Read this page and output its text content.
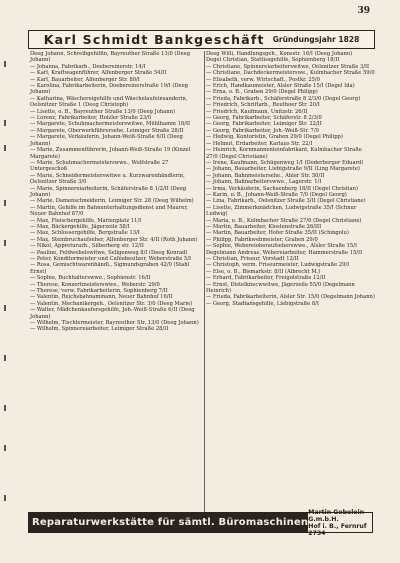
39
Karl Schmidt Bankgeschäft Gründungsjahr 1828

Deeg Johann, Schreibgehilfin, Bayreuther Straße 13/0 (Deeg Johann)

— Johanna, Fabrikarb., Doebereinerstr. 14/I

— Karl, Kraftwagenführer, Alfenberger Straße 54/II

— Karl, Bauarbeiter, Alfenberger Str. 80/I

— Karolina, Fabrikarbeiterin, Doebereinerstraße 19/I (Deeg Johann)

— Katharina, Wäschereigehilfe und Wäschelaufeinsanderin, Oelsnitzer Straße 1 (Deeg Christoph)

— Lisette, o. B., Bayreuther Straße 13/0 (Deeg Johann)

— Lorenz, Fabrikarbeiter, Holzler Straße 23/0

— Margarete, Schuhmachermeisterswitwe, Mühlhamm 18/II

— Margarete, Oberwerkführersehe, Leimiger Straße 28/II

— Margarete, Verkäuferin, Johann-Weiß-Straße 6/II (Deeg Johann)

— Marie, Zusammenführerin, Johann-Weiß-Straße 19 (Kinzel Margarete)

— Marie, Schuhmachermeisterswwe., Wolfstraße 27 Untergeschoß

— Marie, Schneidermeisterswitwe u. Kurzwarenhändlerin, Oelsnitzer Straße 3/0

— Marie, Spinnereiarbeiterin, Schäferstraße 8 1/2/II (Deeg Johann)

— Marie, Damenschneiderin, Leimiger Str. 28 (Deeg Wilhelm)

— Martin, Gehilfe im Bahnunterhaltungsdienst und Maurer, Neuer Bahnhof 87/0

— Max, Fleischergehilfe, Marienplatz 11/I

— Max, Bäckergehilfe, Jägerzeile 58/I

— Max, Schlossergehilfe, Bergstraße 13/I

— Max, Steinbruchaufseher, Alfenberger Str. 4/II (Roth Johann)

— Nikol, Appreturarb., Silberberg str. 12/II

— Pauline, Feldwebelswitwe, Seligenweg 8/I (Deeg Konrad)

— Peter, Konditormeister und Caféebesitzer, Weberstraße 5/I

— Rosa, Gemischtwarenhändl., Sigmundsgraben 42/0 (Stahl Ernst)

— Sophie, Buchhalterswwe., Sophienstr. 16/II

— Therese, Konzertmeisterswwe., Weberstr. 29/0

— Therese, verw. Fabrikarbeiterin, Sophienberg 7/II

— Valentin, Reichsbahnaminann, Neuer Bahnhof 16/II

— Valentin, Mechanikergeh., Oelsnitzer Str. 3/0 (Deeg Marie)

— Walter, Mädchenkaufersgehilfe, Joh.-Weiß-Straße 6/II (Deeg Johann)

— Wilhelm, Tischlermeister, Bayreuther Str. 13/0 (Deeg Johann)

— Wilhelm, Spinnereiarbeiter, Leimiger Straße 28/II

Deeg Willi, Handlungsgeh., Konsstr. 16/I (Deeg Johann)

Degel Christian, Stattissgehilfe, Sophienberg 18/II

— Christiane, Spinnereiarbeiterswitwe, Oelsnitzer Straße 3/II

— Christiane, Dachdeckermeisterswe., Kulmbacher Straße 59/0

— Elisabeth, verw. Wirtschaft., Postkr. 25/0

— Erich, Handkaumeister, Alsler Straße 15/I (Degel Ida)

— Erna, o. B., Graben 29/0 (Degel Philipp)

— Frieda, Fabrikarb., Schäferstraße 8 2/3/0 (Degel Georg)

— Friedrich, Schriftarb., Reuthoer Str. 20/I

— Friedrich, Kaufmann, Unitzstr. 26/II

— Georg, Fabrikarbeiter, Schäferstr. 8 2/3/0

— Georg, Fabrikarbeiter, Leimiger Str. 22/II

— Georg, Fabrikarbeiter, Joh.-Weiß-Str. 7/0

— Hedwig, Kontoristin, Graben 29/0 (Degel Philipp)

— Helmut, Erdarbeiter, Karlaus Str. 22/I

— Heinrich, Kornmannenteinfabrikant, Kulmbacher Straße 27/0 (Degel Christiane)

— Irene, Kaufmann, Schügenweg 1/I (Doderberger Eduard)

— Johann, Bauarbeiter, Liebigstraße 9/II (Ling Margarete)

— Johann, Bahnmeistersehe., Ahler Str. 50/II

— Johann, Bahnarbeiterswwe., Lagerstr. 1/I

— Irma, Verkäuferin, Sachsenberg 18/II (Degel Christian)

— Karin, o. B., Johann-Weiß-Straße 7/0 (Degel Georg)

— Lina, Fabrikarb., Oelsnitzer Straße 3/II (Degel Christiane)

— Lisette, Zimmerkmädchen, Ludwigstraße 35/I (Schnur Ludwig)

— Maria, o. B., Kulmbacher Straße 27/0 (Degel Christiane)

— Martin, Bauarbeiter, Klostenstraße 26/III

— Martin, Bauarbeiter, Hofer Straße 35/II (Schingolu)

— Philipp, Fabrikwebmeister, Graben 29/0

— Sophie, Webereioberaufseherswwe., Alsler Straße 15/I

Degelmann Andreas, Webereiarbeiter, Hammerstraße 15/II

— Christian, Friseur, Vorstadt 12/II

— Christoph, verm. Friseurmeister, Ludwigstraße 29/I

— Else, o. B., Bismarkstr. 8/II (Albrecht M.)

— Erhard, Fabrikarbeiter, Freigolstraße 12/II

— Ernst, Distelknecwwitwe, Jägerzeile 55/0 (Degelmann Heinrich)

— Frieda, Fabrikarbeiterin, Alsler Str. 15/0 (Degelmann Johann)

— Georg, Stadtansgehilfe, Liebigstraße 8/I

Reparaturwerkstätte für sämtl. Büromaschinen
Martin Gebelein G.m.b.H.
Hof i. B., Fernruf 2734
